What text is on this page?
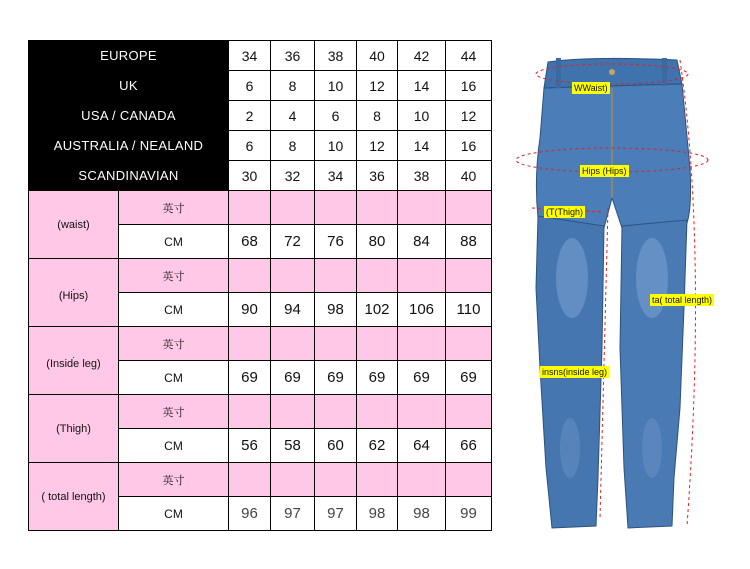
EUROPE		34	36	38	40	42	44
UK		6	8	10	12	14	16
USA / CANADA		2	4	6	8	10	12
AUSTRALIA / NEALAND		6	8	10	12	14	16
SCANDINAVIAN		30	32	34	36	38	40

(waist)	英寸						
	CM	68	72	76	80	84	88

.
(Hips)	英寸						
	CM	90	94	98	102	106	110

.
(Inside leg)	英寸						
	CM	69	69	69	69	69	69

(Thigh)	英寸						
	CM	56	58	60	62	64	66

( total length)	英寸						
	CM	96	97	97	98	98	99
WWaist)
Hips (Hips)
(T(Thigh)
ta( total length)
insns(inside leg)
